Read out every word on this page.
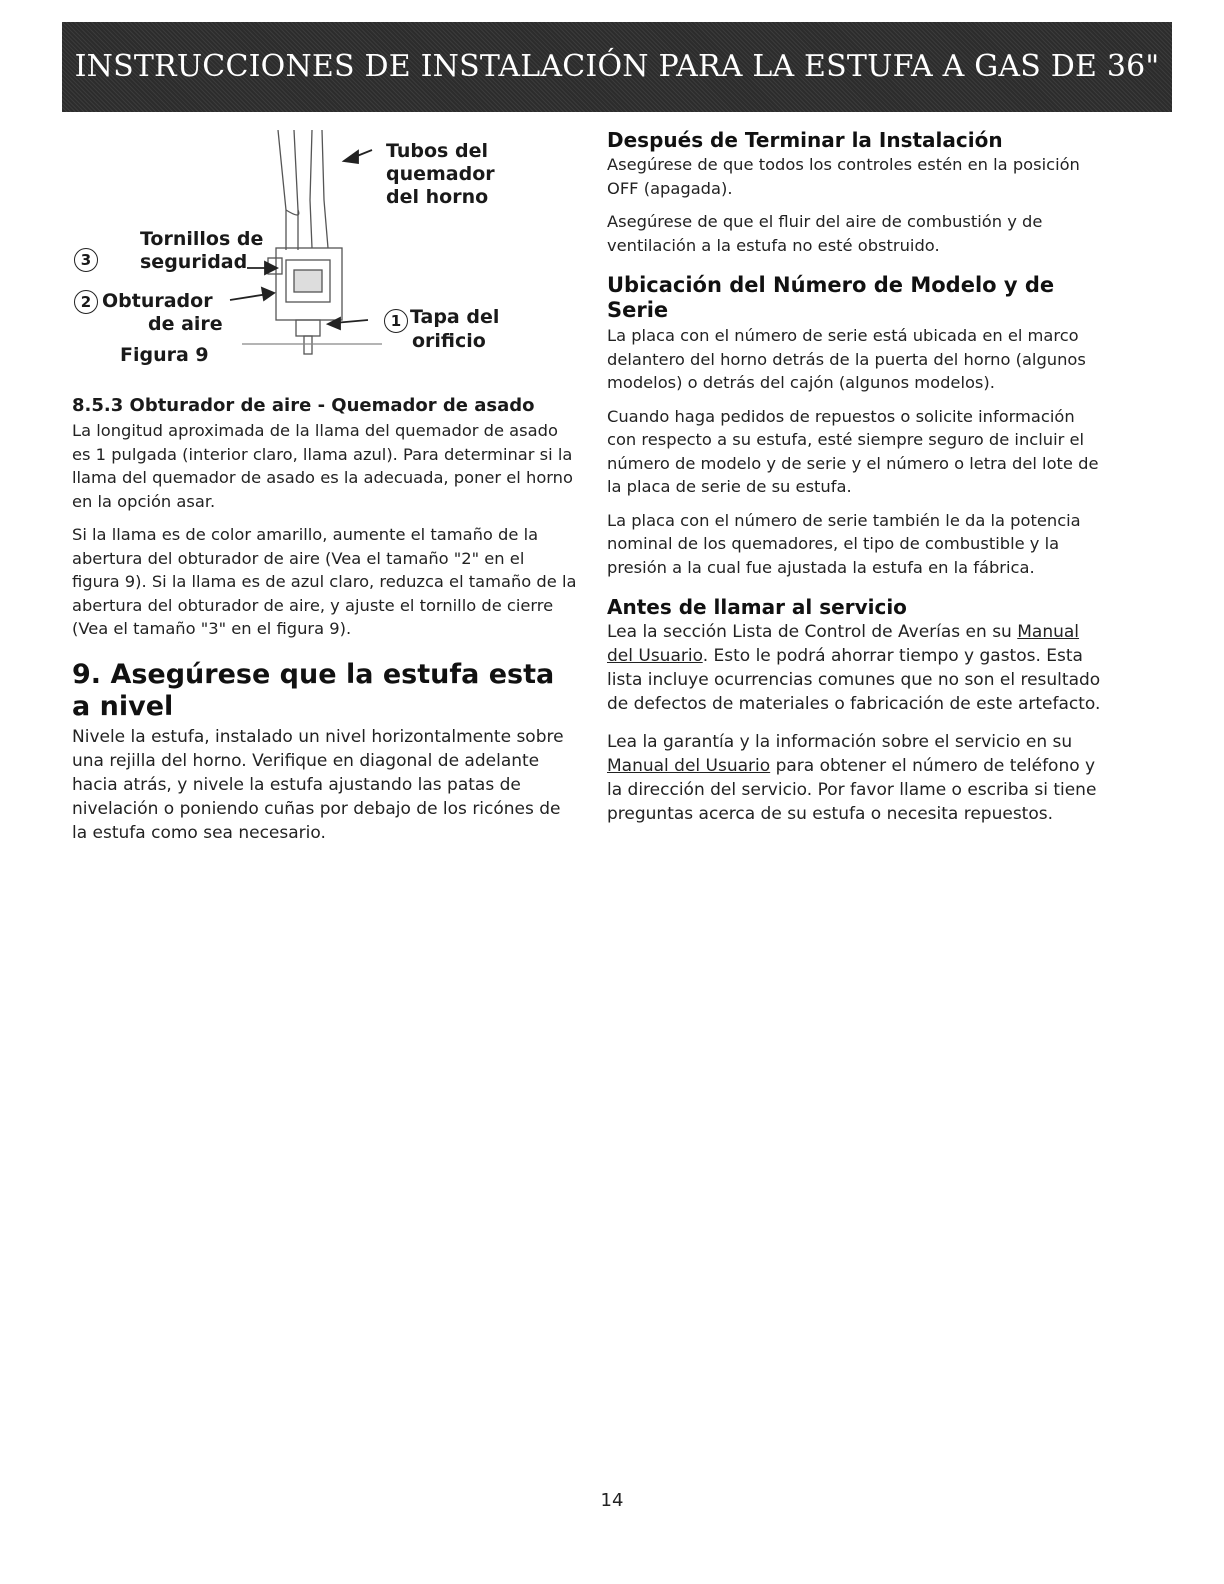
INSTRUCCIONES DE INSTALACIÓN PARA LA ESTUFA A GAS DE 36"
Tubos del
quemador
del horno
3
Tornillos de
seguridad
2 Obturador
de aire	1 Tapa del
orificio
Figura 9
8.5.3 Obturador de aire - Quemador de asado

La longitud aproximada de la llama del quemador de asado es 1 pulgada (interior claro, llama azul). Para determinar si la llama del quemador de asado es la adecuada, poner el horno en la opción asar.

Si la llama es de color amarillo, aumente el tamaño de la abertura del obturador de aire (Vea el tamaño "2" en el figura 9). Si la llama es de azul claro, reduzca el tamaño de la abertura del obturador de aire, y ajuste el tornillo de cierre (Vea el tamaño "3" en el figura 9).

9. Asegúrese que la estufa esta a nivel

Nivele la estufa, instalado un nivel horizontalmente sobre una rejilla del horno. Verifique en diagonal de adelante hacia atrás, y nivele la estufa ajustando las patas de nivelación o poniendo cuñas por debajo de los ricónes de la estufa como sea necesario.

Después de Terminar la Instalación

Asegúrese de que todos los controles estén en la posición OFF (apagada).

Asegúrese de que el fluir del aire de combustión y de ventilación a la estufa no esté obstruido.

Ubicación del Número de Modelo y de Serie

La placa con el número de serie está ubicada en el marco delantero del horno detrás de la puerta del horno (algunos modelos) o detrás del cajón (algunos modelos).

Cuando haga pedidos de repuestos o solicite información con respecto a su estufa, esté siempre seguro de incluir el número de modelo y de serie y el número o letra del lote de la placa de serie de su estufa.

La placa con el número de serie también le da la potencia nominal de los quemadores, el tipo de combustible y la presión a la cual fue ajustada la estufa en la fábrica.

Antes de llamar al servicio

Lea la sección Lista de Control de Averías en su Manual del Usuario. Esto le podrá ahorrar tiempo y gastos. Esta lista incluye ocurrencias comunes que no son el resultado de defectos de materiales o fabricación de este artefacto.

Lea la garantía y la información sobre el servicio en su Manual del Usuario para obtener el número de teléfono y la dirección del servicio. Por favor llame o escriba si tiene preguntas acerca de su estufa o necesita repuestos.

14
